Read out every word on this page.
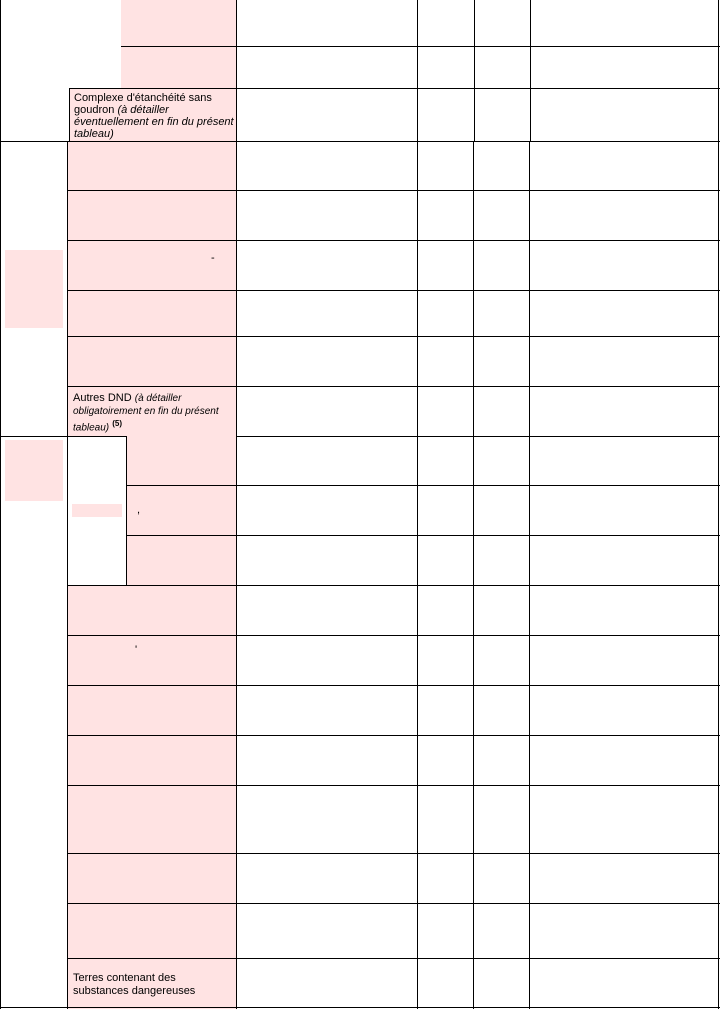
Complexe d'étanchéité sans goudron (à détailler éventuellement en fin du présent tableau)
-
Autres DND (à détailler obligatoirement en fin du présent tableau) $^{(5)}$
,
'
Terres contenant des substances dangereuses
